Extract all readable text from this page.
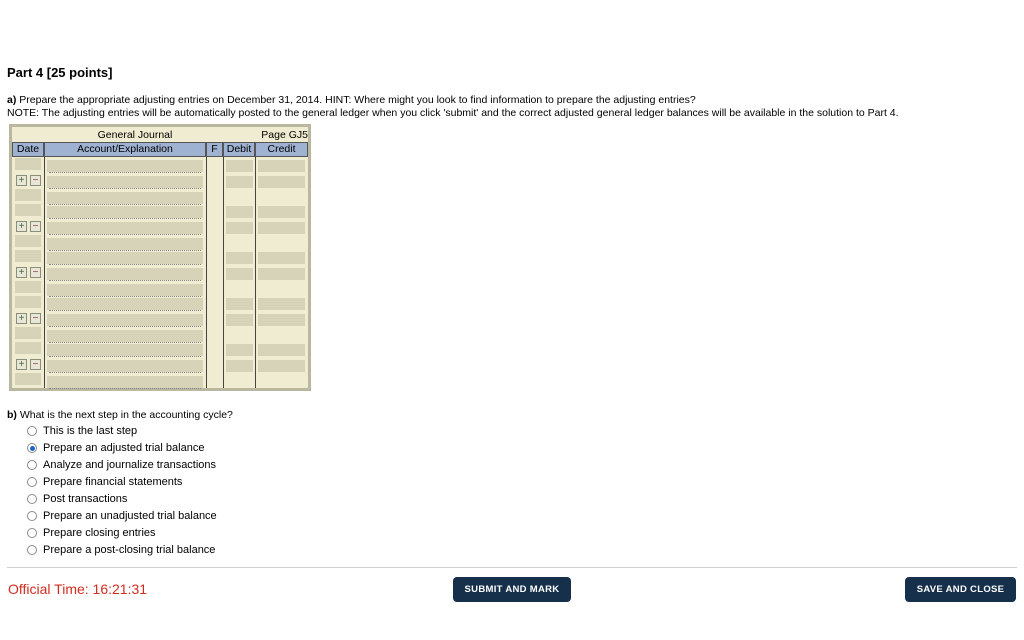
Part 4 [25 points]
a) Prepare the appropriate adjusting entries on December 31, 2014. HINT: Where might you look to find information to prepare the adjusting entries?
NOTE: The adjusting entries will be automatically posted to the general ledger when you click 'submit' and the correct adjusted general ledger balances will be available in the solution to Part 4.
General Journal	Page GJ5
Date	Account/Explanation	F Debit	Credit
+ −
+ −
+ −
+ −
+ −
b) What is the next step in the accounting cycle?
This is the last step
Prepare an adjusted trial balance
Analyze and journalize transactions
Prepare financial statements
Post transactions
Prepare an unadjusted trial balance
Prepare closing entries
Prepare a post-closing trial balance
Official Time: 16:21:31	SUBMIT AND MARK	SAVE AND CLOSE
